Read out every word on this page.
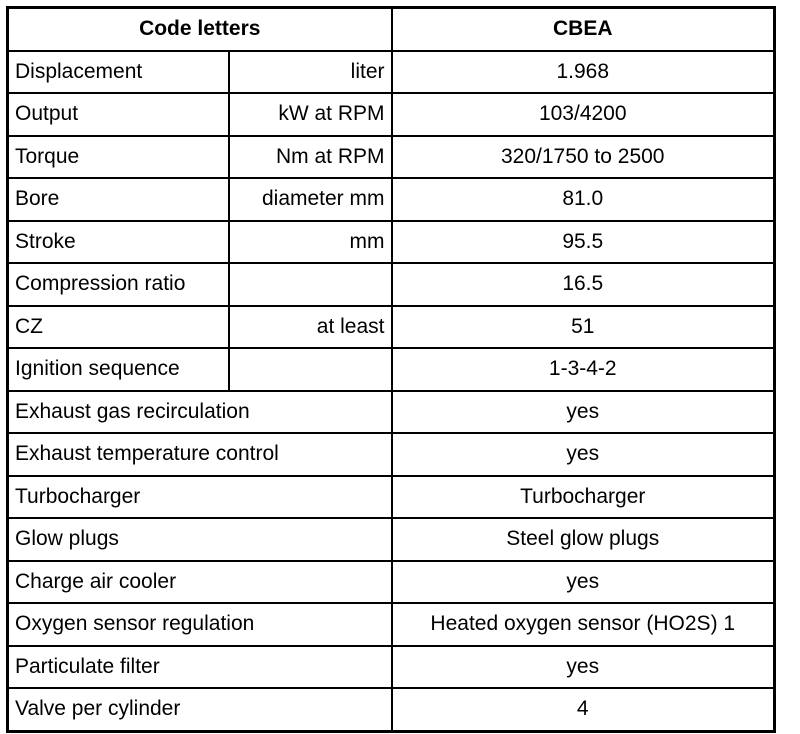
Code letters		CBEA
Displacement	liter	1.968
Output	kW at RPM	103/4200
Torque	Nm at RPM	320/1750 to 2500
Bore	diameter mm	81.0
Stroke	mm	95.5
Compression ratio		16.5
CZ	at least	51
Ignition sequence		1-3-4-2
Exhaust gas recirculation		yes
Exhaust temperature control		yes
Turbocharger		Turbocharger
Glow plugs		Steel glow plugs
Charge air cooler		yes
Oxygen sensor regulation		Heated oxygen sensor (HO2S) 1
Particulate filter		yes
Valve per cylinder		4
